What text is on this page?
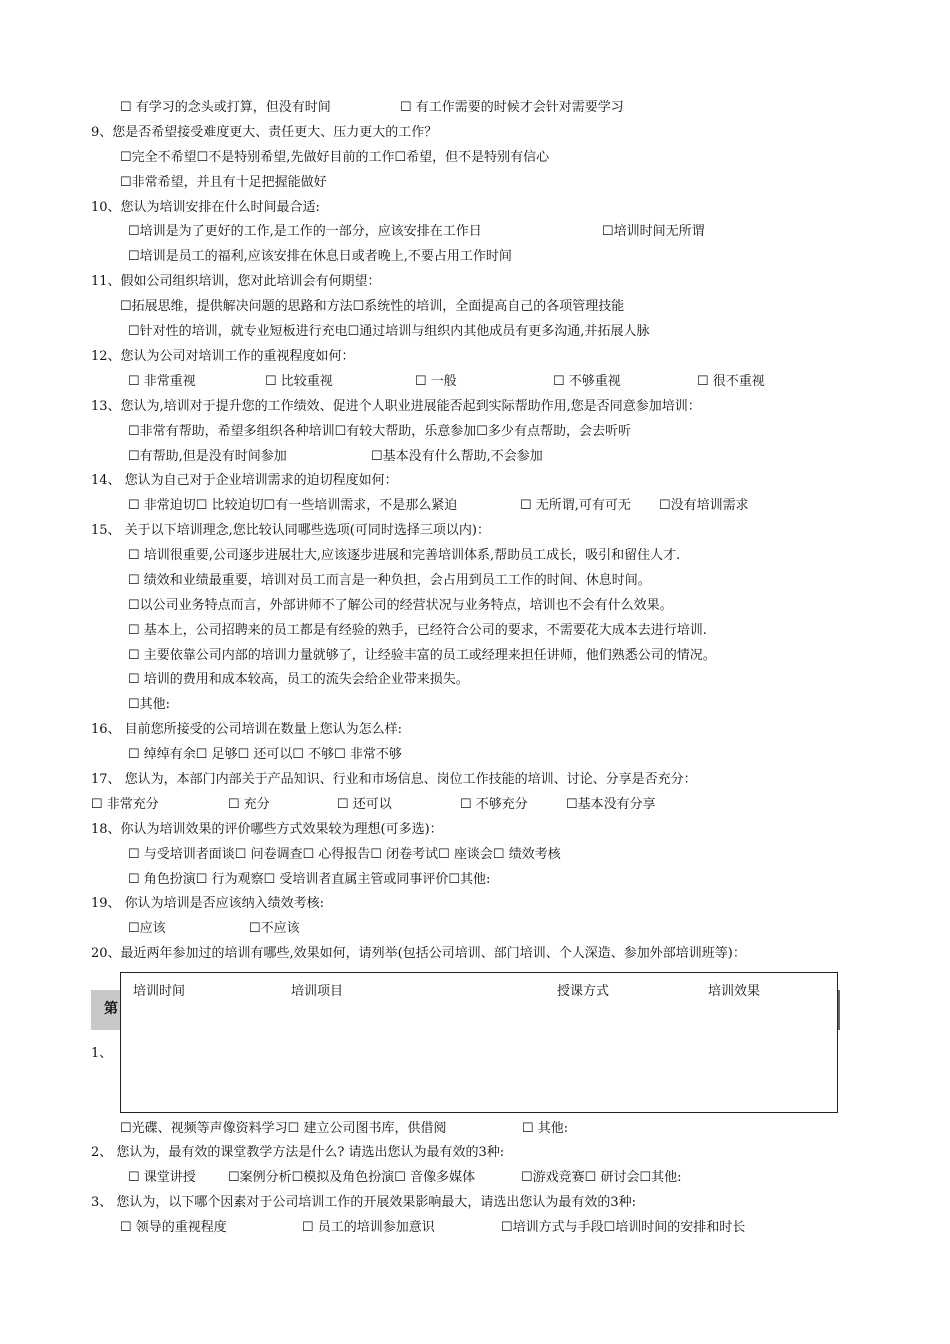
☐ 有学习的念头或打算，但没有时间	☐ 有工作需要的时候才会针对需要学习
9、您是否希望接受难度更大、责任更大、压力更大的工作？
☐完全不希望☐不是特别希望,先做好目前的工作☐希望，但不是特别有信心
☐非常希望，并且有十足把握能做好
10、您认为培训安排在什么时间最合适:
☐培训是为了更好的工作,是工作的一部分，应该安排在工作日	☐培训时间无所谓
☐培训是员工的福利,应该安排在休息日或者晚上,不要占用工作时间
11、假如公司组织培训，您对此培训会有何期望：
☐拓展思维，提供解决问题的思路和方法☐系统性的培训，全面提高自己的各项管理技能
☐针对性的培训，就专业短板进行充电☐通过培训与组织内其他成员有更多沟通,并拓展人脉
12、您认为公司对培训工作的重视程度如何：
☐ 非常重视	☐ 比较重视	☐ 一般	☐ 不够重视	☐ 很不重视
13、您认为,培训对于提升您的工作绩效、促进个人职业进展能否起到实际帮助作用,您是否同意参加培训：
☐非常有帮助，希望多组织各种培训☐有较大帮助，乐意参加☐多少有点帮助，会去听听
☐有帮助,但是没有时间参加	☐基本没有什么帮助,不会参加
14、 您认为自己对于企业培训需求的迫切程度如何：
☐ 非常迫切☐ 比较迫切☐有一些培训需求，不是那么紧迫	☐ 无所谓,可有可无 ☐没有培训需求
15、 关于以下培训理念,您比较认同哪些选项(可同时选择三项以内)：
☐ 培训很重要,公司逐步进展壮大,应该逐步进展和完善培训体系,帮助员工成长，吸引和留住人才.
☐ 绩效和业绩最重要，培训对员工而言是一种负担，会占用到员工工作的时间、休息时间。
☐以公司业务特点而言，外部讲师不了解公司的经营状况与业务特点，培训也不会有什么效果。
☐ 基本上，公司招聘来的员工都是有经验的熟手，已经符合公司的要求，不需要花大成本去进行培训.
☐ 主要依靠公司内部的培训力量就够了，让经验丰富的员工或经理来担任讲师，他们熟悉公司的情况。
☐ 培训的费用和成本较高，员工的流失会给企业带来损失。
☐其他:
16、 目前您所接受的公司培训在数量上您认为怎么样:
☐ 绰绰有余☐ 足够☐ 还可以☐ 不够☐ 非常不够
17、 您认为，本部门内部关于产品知识、行业和市场信息、岗位工作技能的培训、讨论、分享是否充分：
☐ 非常充分	☐ 充分	☐ 还可以	☐ 不够充分	☐基本没有分享
18、你认为培训效果的评价哪些方式效果较为理想(可多选)：
☐ 与受培训者面谈☐ 问卷调查☐ 心得报告☐ 闭卷考试☐ 座谈会☐ 绩效考核
☐ 角色扮演☐ 行为观察☐ 受培训者直属主管或同事评价☐其他:
19、 你认为培训是否应该纳入绩效考核:
☐应该	☐不应该
20、最近两年参加过的培训有哪些,效果如何，请列举(包括公司培训、部门培训、个人深造、参加外部培训班等)：
1、
☐光碟、视频等声像资料学习☐ 建立公司图书库，供借阅	☐ 其他:
2、 您认为，最有效的课堂教学方法是什么? 请选出您认为最有效的3种:
☐ 课堂讲授 ☐案例分析☐模拟及角色扮演☐ 音像多媒体	☐游戏竞赛☐ 研讨会☐其他:
3、 您认为，以下哪个因素对于公司培训工作的开展效果影响最大，请选出您认为最有效的3种:
☐ 领导的重视程度	☐ 员工的培训参加意识	☐培训方式与手段☐培训时间的安排和时长
第
培训时间	培训项目	授课方式	培训效果
